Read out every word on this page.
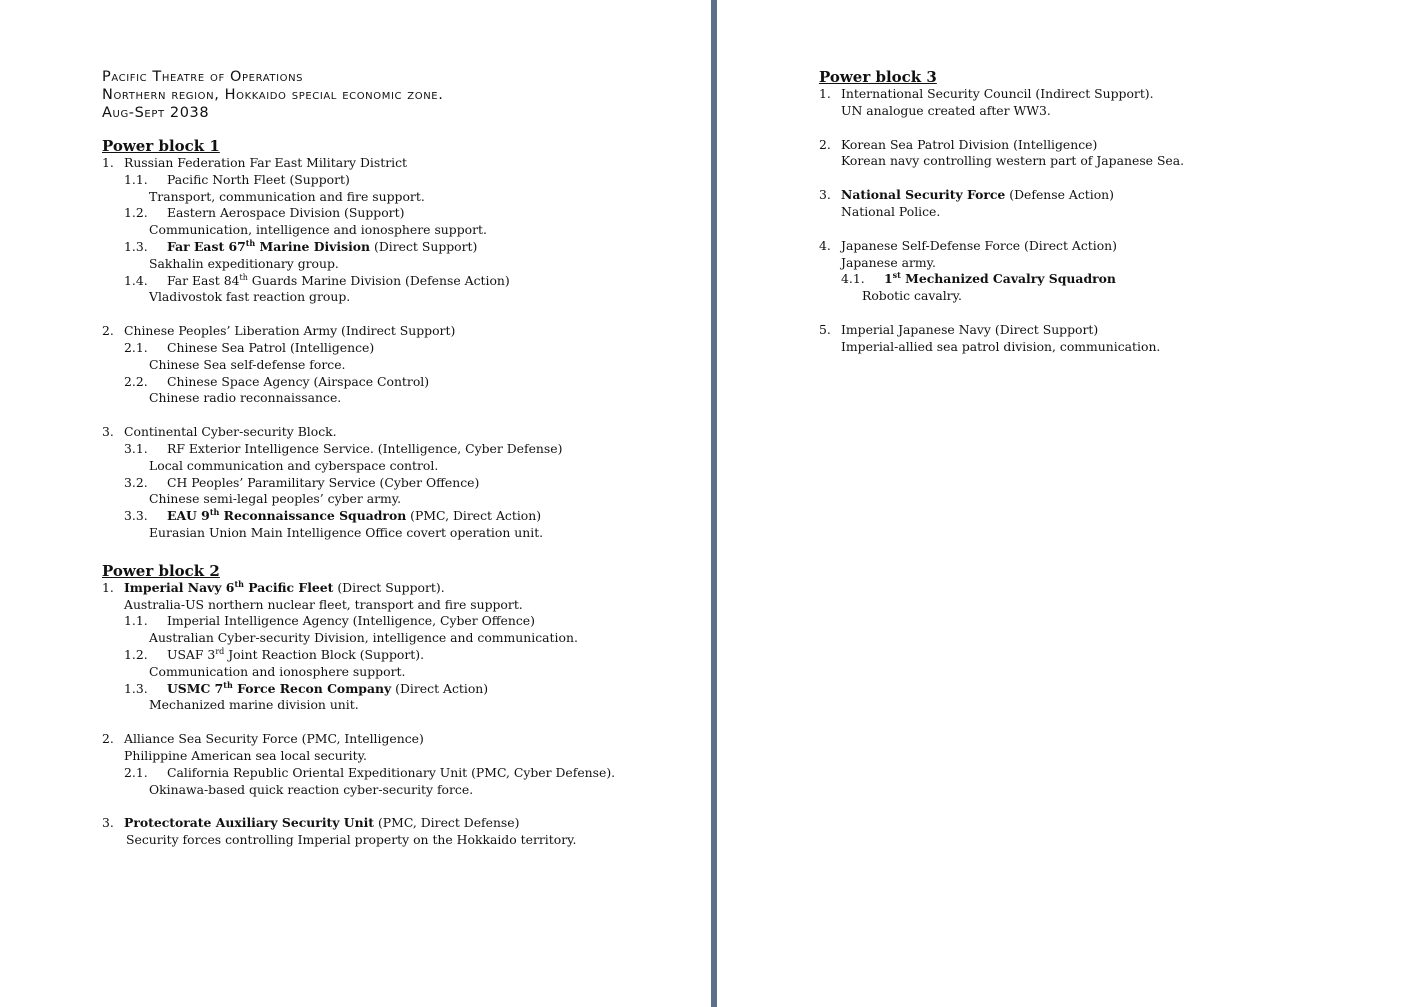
Pacific Theatre of Operations
Northern region, Hokkaido special economic zone.
Aug-Sept 2038
Power block 1
1. Russian Federation Far East Military District
1.1. Pacific North Fleet (Support)
Transport, communication and fire support.
1.2. Eastern Aerospace Division (Support)
Communication, intelligence and ionosphere support.
1.3. Far East 67th Marine Division (Direct Support)
Sakhalin expeditionary group.
1.4. Far East 84th Guards Marine Division (Defense Action)
Vladivostok fast reaction group.
2. Chinese Peoples’ Liberation Army (Indirect Support)
2.1. Chinese Sea Patrol (Intelligence)
Chinese Sea self-defense force.
2.2. Chinese Space Agency (Airspace Control)
Chinese radio reconnaissance.
3. Continental Cyber-security Block.
3.1. RF Exterior Intelligence Service. (Intelligence, Cyber Defense)
Local communication and cyberspace control.
3.2. CH Peoples’ Paramilitary Service (Cyber Offence)
Chinese semi-legal peoples’ cyber army.
3.3. EAU 9th Reconnaissance Squadron (PMC, Direct Action)
Eurasian Union Main Intelligence Office covert operation unit.
Power block 2
1. Imperial Navy 6th Pacific Fleet (Direct Support).
Australia-US northern nuclear fleet, transport and fire support.
1.1. Imperial Intelligence Agency (Intelligence, Cyber Offence)
Australian Cyber-security Division, intelligence and communication.
1.2. USAF 3rd Joint Reaction Block (Support).
Communication and ionosphere support.
1.3. USMC 7th Force Recon Company (Direct Action)
Mechanized marine division unit.
2. Alliance Sea Security Force (PMC, Intelligence)
Philippine American sea local security.
2.1. California Republic Oriental Expeditionary Unit (PMC, Cyber Defense).
Okinawa-based quick reaction cyber-security force.
3. Protectorate Auxiliary Security Unit (PMC, Direct Defense)
Security forces controlling Imperial property on the Hokkaido territory.
Power block 3
1. International Security Council (Indirect Support).
UN analogue created after WW3.
2. Korean Sea Patrol Division (Intelligence)
Korean navy controlling western part of Japanese Sea.
3. National Security Force (Defense Action)
National Police.
4. Japanese Self-Defense Force (Direct Action)
Japanese army.
4.1. 1st Mechanized Cavalry Squadron
Robotic cavalry.
5. Imperial Japanese Navy (Direct Support)
Imperial-allied sea patrol division, communication.
